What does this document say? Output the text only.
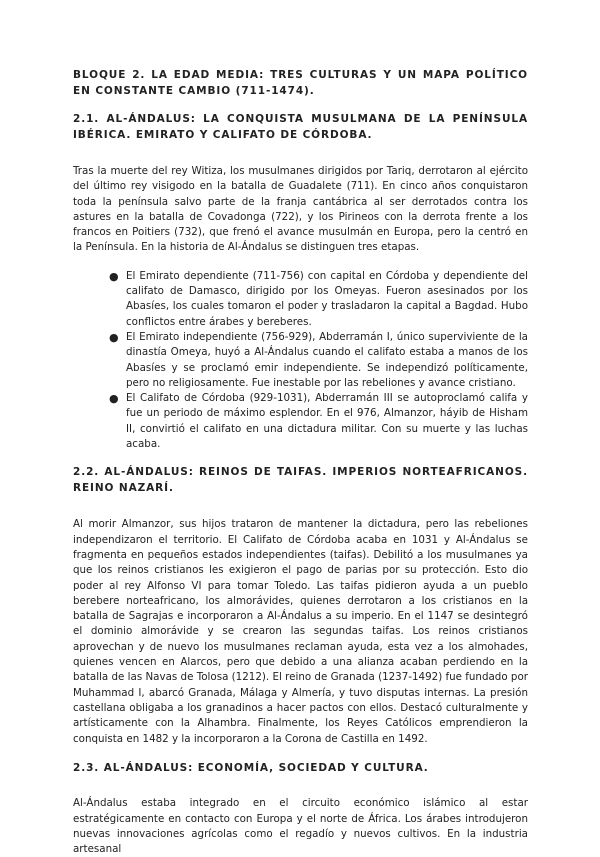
BLOQUE 2. LA EDAD MEDIA: TRES CULTURAS Y UN MAPA POLÍTICO EN CONSTANTE CAMBIO (711-1474).

2.1. AL-ÁNDALUS: LA CONQUISTA MUSULMANA DE LA PENÍNSULA IBÉRICA. EMIRATO Y CALIFATO DE CÓRDOBA.

Tras la muerte del rey Witiza, los musulmanes dirigidos por Tariq, derrotaron al ejército del último rey visigodo en la batalla de Guadalete (711). En cinco años conquistaron toda la península salvo parte de la franja cantábrica al ser derrotados contra los astures en la batalla de Covadonga (722), y los Pirineos con la derrota frente a los francos en Poitiers (732), que frenó el avance musulmán en Europa, pero la centró en la Península. En la historia de Al-Ándalus se distinguen tres etapas.

● El Emirato dependiente (711-756) con capital en Córdoba y dependiente del califato de Damasco, dirigido por los Omeyas. Fueron asesinados por los Abasíes, los cuales tomaron el poder y trasladaron la capital a Bagdad. Hubo conflictos entre árabes y bereberes.
● El Emirato independiente (756-929), Abderramán I, único superviviente de la dinastía Omeya, huyó a Al-Ándalus cuando el califato estaba a manos de los Abasíes y se proclamó emir independiente. Se independizó políticamente, pero no religiosamente. Fue inestable por las rebeliones y avance cristiano.
● El Califato de Córdoba (929-1031), Abderramán III se autoproclamó califa y fue un periodo de máximo esplendor. En el 976, Almanzor, háyib de Hisham II, convirtió el califato en una dictadura militar. Con su muerte y las luchas acaba.

2.2. AL-ÁNDALUS: REINOS DE TAIFAS. IMPERIOS NORTEAFRICANOS. REINO NAZARÍ.

Al morir Almanzor, sus hijos trataron de mantener la dictadura, pero las rebeliones independizaron el territorio. El Califato de Córdoba acaba en 1031 y Al-Ándalus se fragmenta en pequeños estados independientes (taifas). Debilitó a los musulmanes ya que los reinos cristianos les exigieron el pago de parias por su protección. Esto dio poder al rey Alfonso VI para tomar Toledo. Las taifas pidieron ayuda a un pueblo berebere norteafricano, los almorávides, quienes derrotaron a los cristianos en la batalla de Sagrajas e incorporaron a Al-Ándalus a su imperio. En el 1147 se desintegró el dominio almorávide y se crearon las segundas taifas. Los reinos cristianos aprovechan y de nuevo los musulmanes reclaman ayuda, esta vez a los almohades, quienes vencen en Alarcos, pero que debido a una alianza acaban perdiendo en la batalla de las Navas de Tolosa (1212). El reino de Granada (1237-1492) fue fundado por Muhammad I, abarcó Granada, Málaga y Almería, y tuvo disputas internas. La presión castellana obligaba a los granadinos a hacer pactos con ellos. Destacó culturalmente y artísticamente con la Alhambra. Finalmente, los Reyes Católicos emprendieron la conquista en 1482 y la incorporaron a la Corona de Castilla en 1492.

2.3. AL-ÁNDALUS: ECONOMÍA, SOCIEDAD Y CULTURA.

Al-Ándalus estaba integrado en el circuito económico islámico al estar estratégicamente en contacto con Europa y el norte de África. Los árabes introdujeron nuevas innovaciones agrícolas como el regadío y nuevos cultivos. En la industria artesanal
